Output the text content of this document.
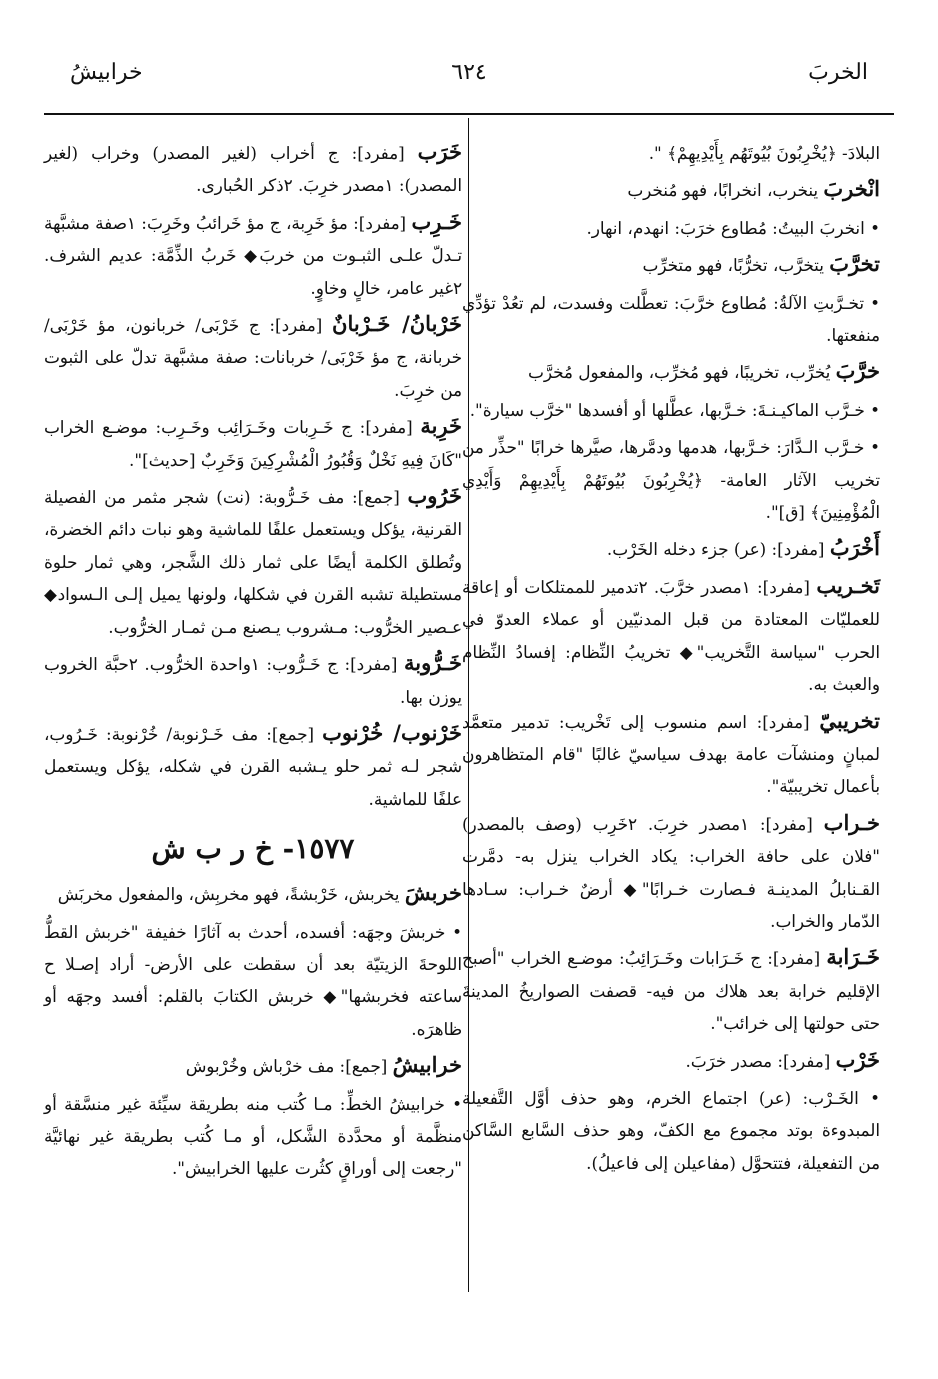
الخربَ
٦٢٤
خرابيشُ

البلادَ- ﴿يُخْرِبُونَ بُيُوتَهُم بِأَيْدِيهِمْ﴾ ".

انْخربَ ينخرب، انخرابًا، فهو مُنخرب

• انخربَ البيتُ: مُطاوع خرَبَ: انهدم، انهار.

تخرَّبَ يتخرَّب، تخرُّبًا، فهو متخرِّب

• تخـرَّبتِ الآلةُ: مُطاوع خرَّبَ: تعطَّلت وفسدت، لم تعُدْ تؤدِّي منفعتها.

خرَّبَ يُخرِّب، تخريبًا، فهو مُخرِّب، والمفعول مُخرَّب

• خـرَّب الماكيـنـةَ: خـرَّبها، عطَّلها أو أفسدها "خرَّب سيارة".

• خـرَّب الـدَّارَ: خـرَّبها، هدمها ودمَّرها، صيَّرها خرابًا "حذِّر من تخريب الآثار العامة- ﴿يُخْرِبُونَ بُيُوتَهُمْ بِأَيْدِيهِمْ وَأَيْدِي الْمُؤْمِنِينَ﴾ [ق]".

أَخْرَبُ [مفرد]: (عر) جزء دخله الخَرْب.

تَخـريب [مفرد]: ١مصدر خرَّبَ. ٢تدمير للممتلكات أو إعاقة للعمليّات المعتادة من قبل المدنيّين أو عملاء العدوّ في الحرب "سياسة التَّخريب"◆ تخريبُ النِّظام: إفسادُ النِّظام والعبث به.

تخريبيّ [مفرد]: اسم منسوب إلى تَخْريب: تدمير متعمَّد لمبانٍ ومنشآت عامة بهدف سياسيّ غالبًا "قام المتظاهرون بأعمال تخريبيّة".

خـراب [مفرد]: ١مصدر خرِبَ. ٢خَرِب (وصف بالمصدر) "فلان على حافة الخراب: يكاد الخراب ينزل به- دمَّرت القـنابلُ المدينـة فـصارت خـرابًا"◆ أرضٌ خـراب: سـادها الدّمار والخراب.

خَـرَابة [مفرد]: ج خَـرَابات وخَـرَائِبُ: موضـع الخراب "أصبح الإقليم خرابة بعد هلاك من فيه- قصفت الصواريخُ المدينةَ حتى حولتها إلى خرائب".

خَرْب [مفرد]: مصدر خرَبَ.

• الخَـرْب: (عر) اجتماع الخرم، وهو حذف أوَّل التَّفعيلة المبدوءة بوتد مجموع مع الكفّ، وهو حذف السَّابع السَّاكن من التفعيلة، فتتحوَّل (مفاعيلن إلى فاعيلُ).

خَرَب [مفرد]: ج أخراب (لغير المصدر) وخراب (لغير المصدر): ١مصدر خرِبَ. ٢ذكر الحُبارى.

خَـرِب [مفرد]: مؤ خَرِبة، ج مؤ خَرائبُ وخَرِبَ: ١صفة مشبَّهة تـدلّ علـى الثبـوت من خربَ◆ خَربُ الذِّمَّة: عديم الشرف. ٢غير عامر، خالٍ وخاوٍ.

خَرْبانُ/ خَـرْبانٌ [مفرد]: ج خَرْبَى/ خربانون، مؤ خَرْبَى/ خربانة، ج مؤ خَرْبَى/ خربانات: صفة مشبَّهة تدلّ على الثبوت من خرِبَ.

خَرِبة [مفرد]: ج خَـرِبات وخَـرَائِب وخَـرِب: موضـع الخراب "كَانَ فِيهِ نَخْلٌ وَقُبُورُ الْمُشْرِكِينَ وَخَرِبٌ [حديث]".

خَرُوب [جمع]: مف خَـرُّوبة: (نت) شجر مثمر من الفصيلة القرنية، يؤكل ويستعمل علفًا للماشية وهو نبات دائم الخضرة، وتُطلق الكلمة أيضًا على ثمار ذلك الشَّجر، وهي ثمار حلوة مستطيلة تشبه القرن في شكلها، ولونها يميل إلـى الـسواد◆ عـصير الخرُّوب: مـشروب يـصنع مـن ثمـار الخرُّوب.

خَـرُّوبة [مفرد]: ج خَـرُّوب: ١واحدة الخرُّوب. ٢حبَّة الخروب يوزن بها.

خَرْنوب/ خُرْنوب [جمع]: مف خَـرْنوبة/ خُرْنوبة: خَـرُوب، شجر لـه ثمر حلو يـشبه القرن في شكله، يؤكل ويستعمل علفًا للماشية.

١٥٧٧- خ ر ب ش

خربشَ يخربش، خَرْبشةً، فهو مخربِش، والمفعول مخربَش

• خربشَ وجهَه: أفسده، أحدث به آثارًا خفيفة "خربش القطُّ اللوحةَ الزيتيّة بعد أن سقطت على الأرض- أراد إصـلا ح ساعته فخربشها"◆ خربش الكتابَ بالقلم: أفسد وجهَه أو ظاهرَه.

خرابيشُ [جمع]: مف خرْباش وخُرْبوش

• خرابيشُ الخطِّ: مـا كُتب منه بطريقة سيِّئة غير منسَّقة أو منظَّمة أو محدَّدة الشَّكل، أو مـا كُتب بطريقة غير نهائيَّة "رجعت إلى أوراقٍ كثُرت عليها الخرابيش".
